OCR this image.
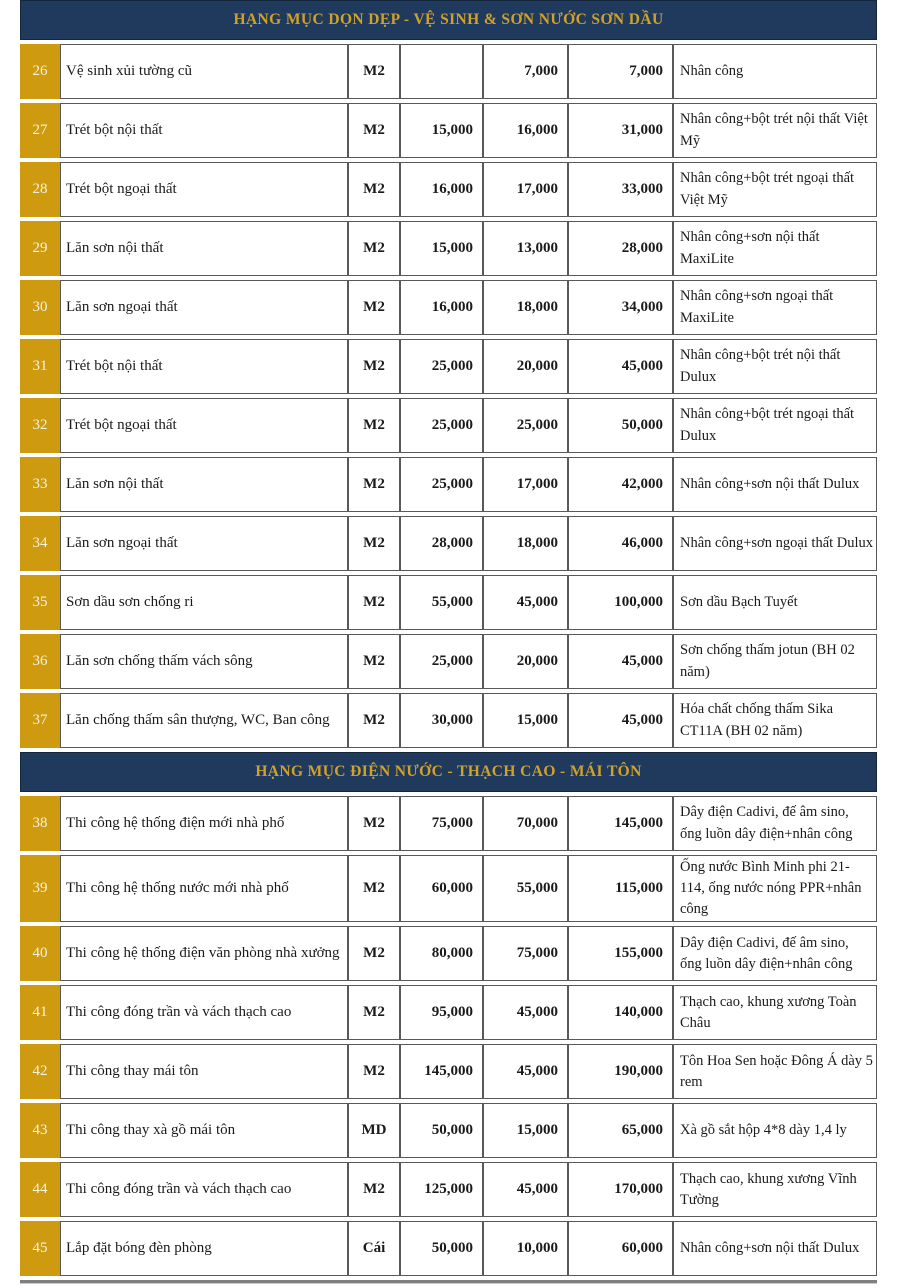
HẠNG MỤC DỌN DẸP - VỆ SINH & SƠN NƯỚC SƠN DẦU						
26	Vệ sinh xủi tường cũ	M2		7,000	7,000	Nhân công
27	Trét bột nội thất	M2	15,000	16,000	31,000	Nhân công+bột trét nội thất Việt Mỹ
28	Trét bột ngoại thất	M2	16,000	17,000	33,000	Nhân công+bột trét ngoại thất Việt Mỹ
29	Lăn sơn nội thất	M2	15,000	13,000	28,000	Nhân công+sơn nội thất MaxiLite
30	Lăn sơn ngoại thất	M2	16,000	18,000	34,000	Nhân công+sơn ngoại thất MaxiLite
31	Trét bột nội thất	M2	25,000	20,000	45,000	Nhân công+bột trét nội thất Dulux
32	Trét bột ngoại thất	M2	25,000	25,000	50,000	Nhân công+bột trét ngoại thất Dulux
33	Lăn sơn nội thất	M2	25,000	17,000	42,000	Nhân công+sơn nội thất Dulux
34	Lăn sơn ngoại thất	M2	28,000	18,000	46,000	Nhân công+sơn ngoại thất Dulux
35	Sơn dầu sơn chống ri	M2	55,000	45,000	100,000	Sơn dầu Bạch Tuyết
36	Lăn sơn chống thấm vách sông	M2	25,000	20,000	45,000	Sơn chống thấm jotun (BH 02 năm)
37	Lăn chống thấm sân thượng, WC, Ban công	M2	30,000	15,000	45,000	Hóa chất chống thấm Sika CT11A (BH 02 năm)
HẠNG MỤC ĐIỆN NƯỚC - THẠCH CAO - MÁI TÔN						
38	Thi công hệ thống điện mới nhà phố	M2	75,000	70,000	145,000	Dây điện Cadivi, đế âm sino, ống luồn dây điện+nhân công
39	Thi công hệ thống nước mới nhà phố	M2	60,000	55,000	115,000	Ống nước Bình Minh phi 21-114, ống nước nóng PPR+nhân công
40	Thi công hệ thống điện văn phòng nhà xưởng	M2	80,000	75,000	155,000	Dây điện Cadivi, đế âm sino, ống luồn dây điện+nhân công
41	Thi công đóng trần và vách thạch cao	M2	95,000	45,000	140,000	Thạch cao, khung xương Toàn Châu
42	Thi công thay mái tôn	M2	145,000	45,000	190,000	Tôn Hoa Sen hoặc Đông Á dày 5 rem
43	Thi công thay xà gồ mái tôn	MD	50,000	15,000	65,000	Xà gồ sắt hộp 4*8 dày 1,4 ly
44	Thi công đóng trần và vách thạch cao	M2	125,000	45,000	170,000	Thạch cao, khung xương Vĩnh Tường
45	Lắp đặt bóng đèn phòng	Cái	50,000	10,000	60,000	Nhân công+sơn nội thất Dulux
